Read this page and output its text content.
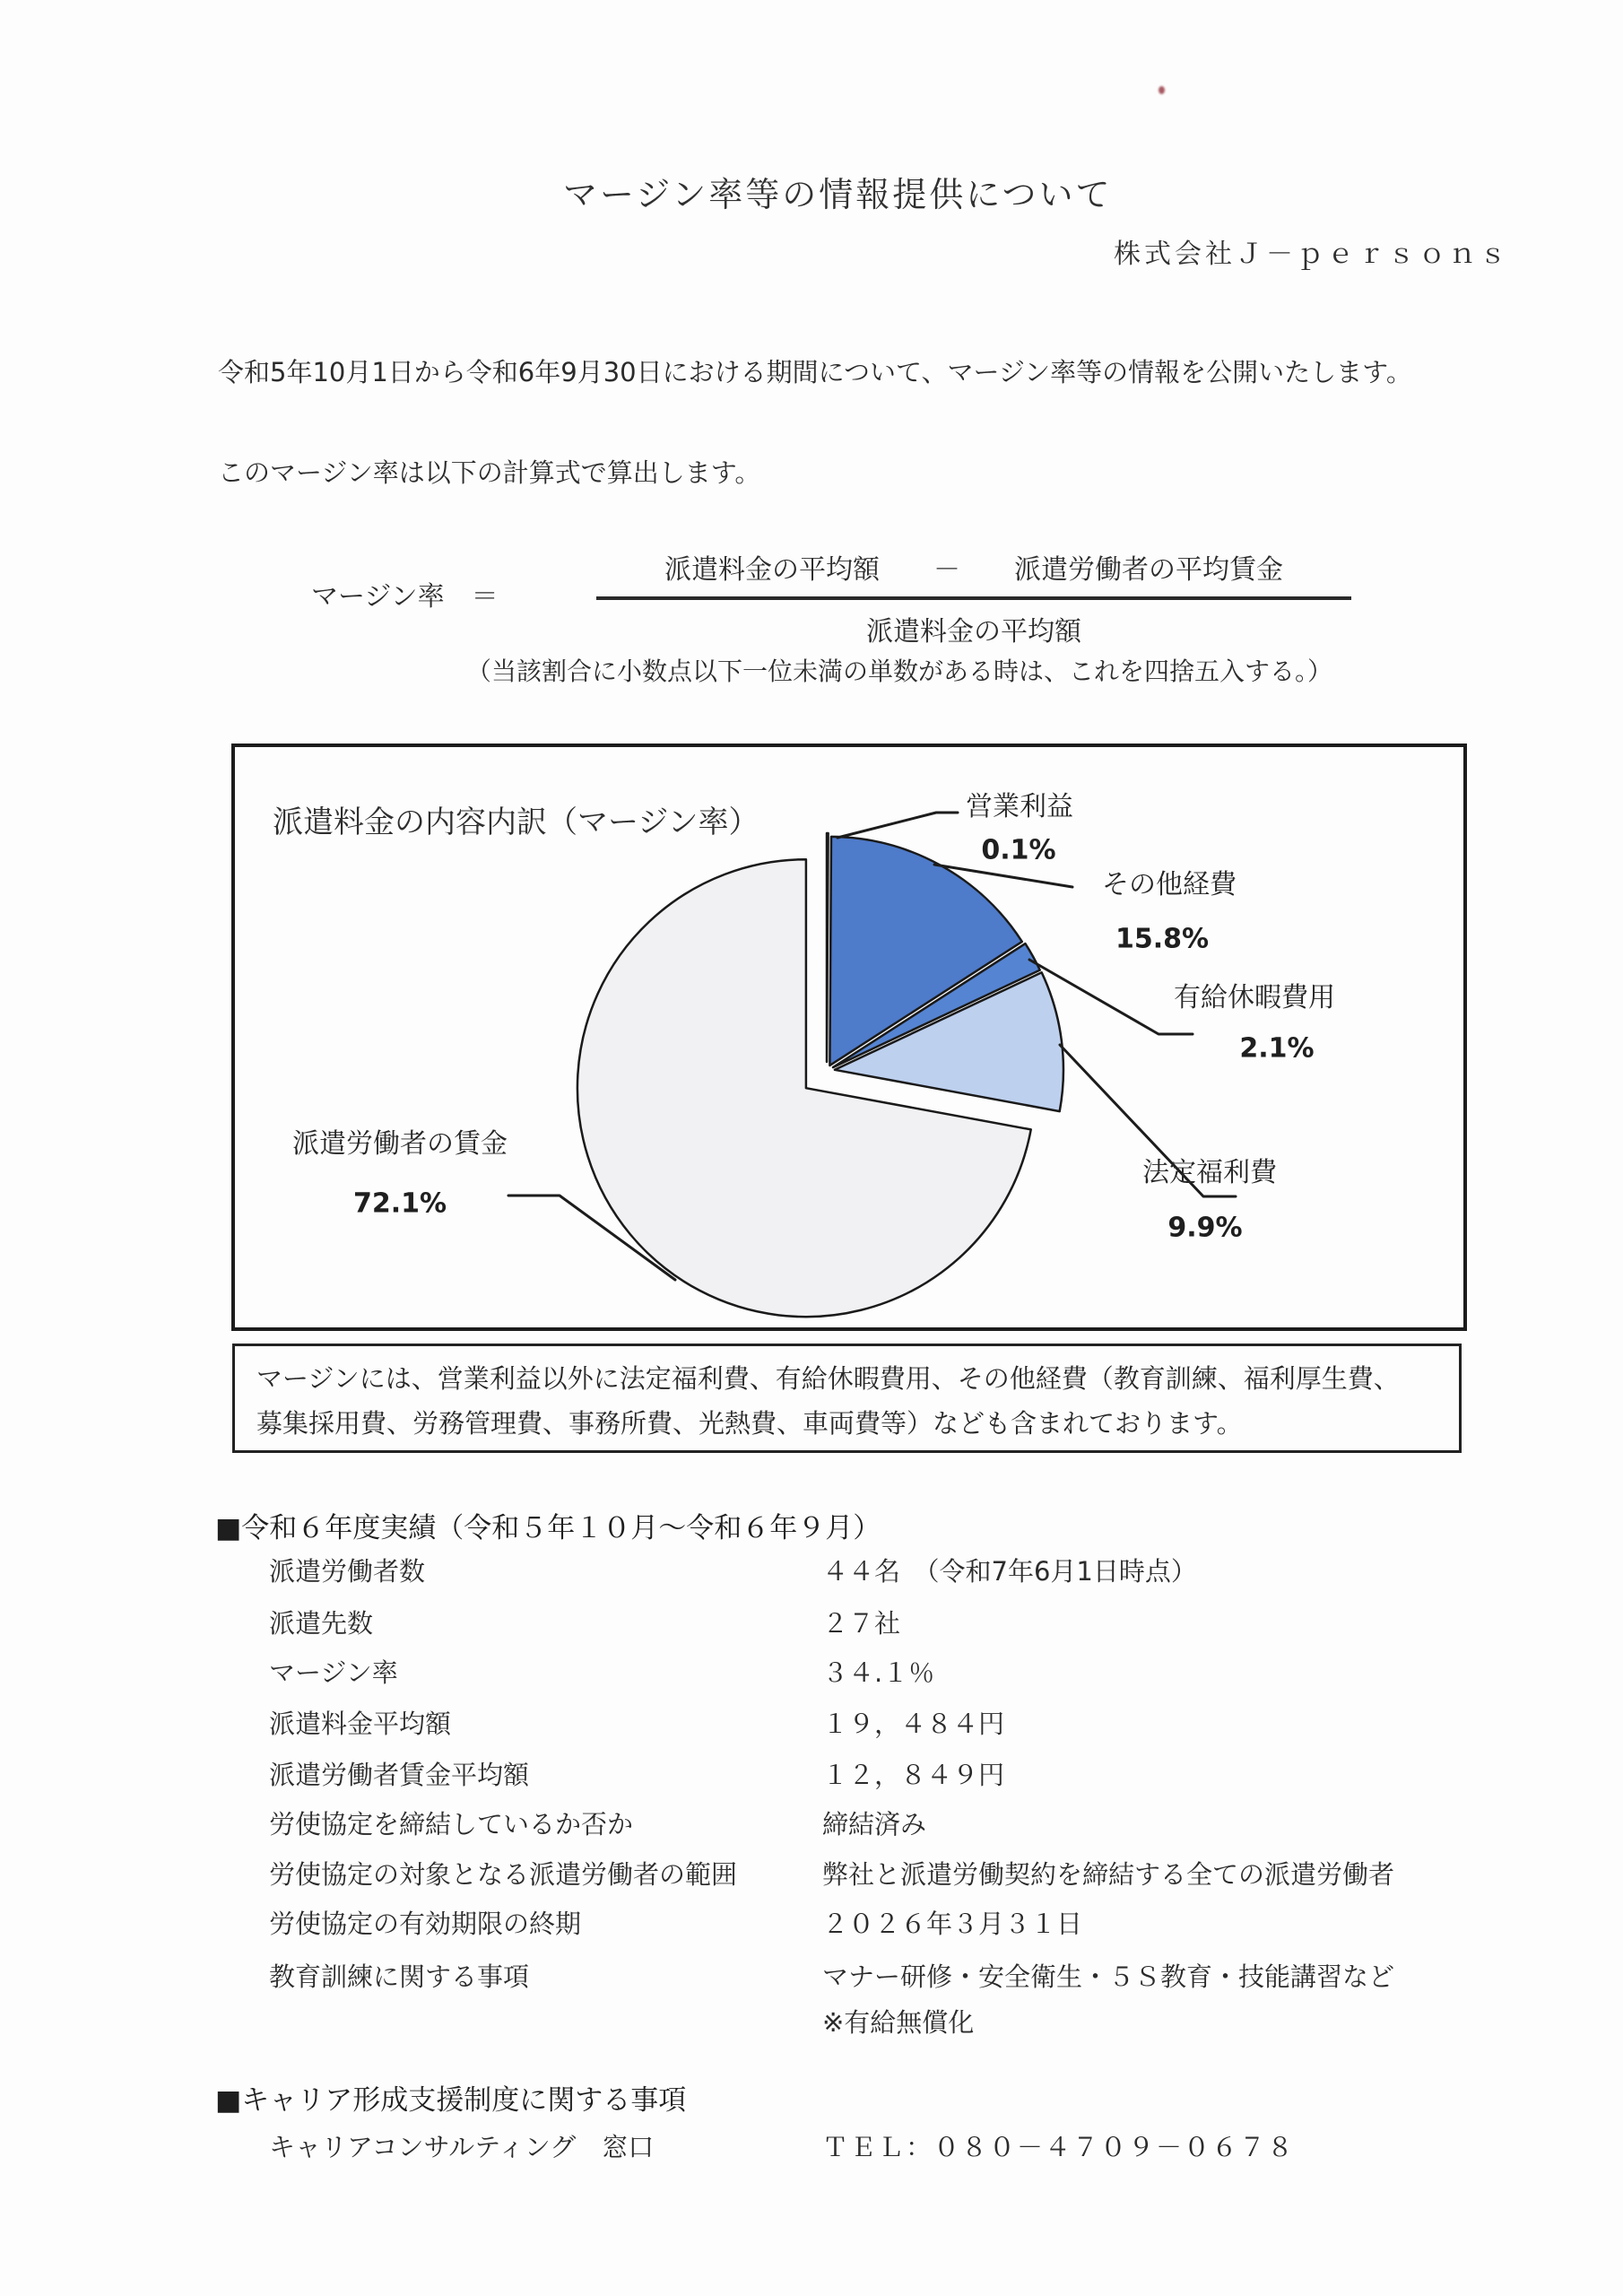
マージン率等の情報提供について
株式会社Ｊ－ｐｅｒｓｏｎｓ
令和5年10月1日から令和6年9月30日における期間について、マージン率等の情報を公開いたします。
このマージン率は以下の計算式で算出します。
マージン率　＝
派遣料金の平均額　　－　　派遣労働者の平均賃金
派遣料金の平均額
（当該割合に小数点以下一位未満の単数がある時は、これを四捨五入する。）
派遣料金の内容内訳（マージン率）	営業利益
0.1%
その他経費
15.8%
有給休暇費用
2.1%
法定福利費
9.9%
派遣労働者の賃金
72.1%

マージンには、営業利益以外に法定福利費、有給休暇費用、その他経費（教育訓練、福利厚生費、

募集採用費、労務管理費、事務所費、光熱費、車両費等）なども含まれております。

■令和６年度実績（令和５年１０月～令和６年９月）
派遣労働者数	４４名　（令和7年6月1日時点）
派遣先数	２７社
マージン率	３４.１％
派遣料金平均額	１９，４８４円
派遣労働者賃金平均額	１２，８４９円
労使協定を締結しているか否か	締結済み
労使協定の対象となる派遣労働者の範囲	弊社と派遣労働契約を締結する全ての派遣労働者
労使協定の有効期限の終期	２０２６年３月３１日
教育訓練に関する事項	マナー研修・安全衛生・５Ｓ教育・技能講習など
※有給無償化
■キャリア形成支援制度に関する事項
キャリアコンサルティング　窓口	ＴＥＬ：０８０－４７０９－０６７８
